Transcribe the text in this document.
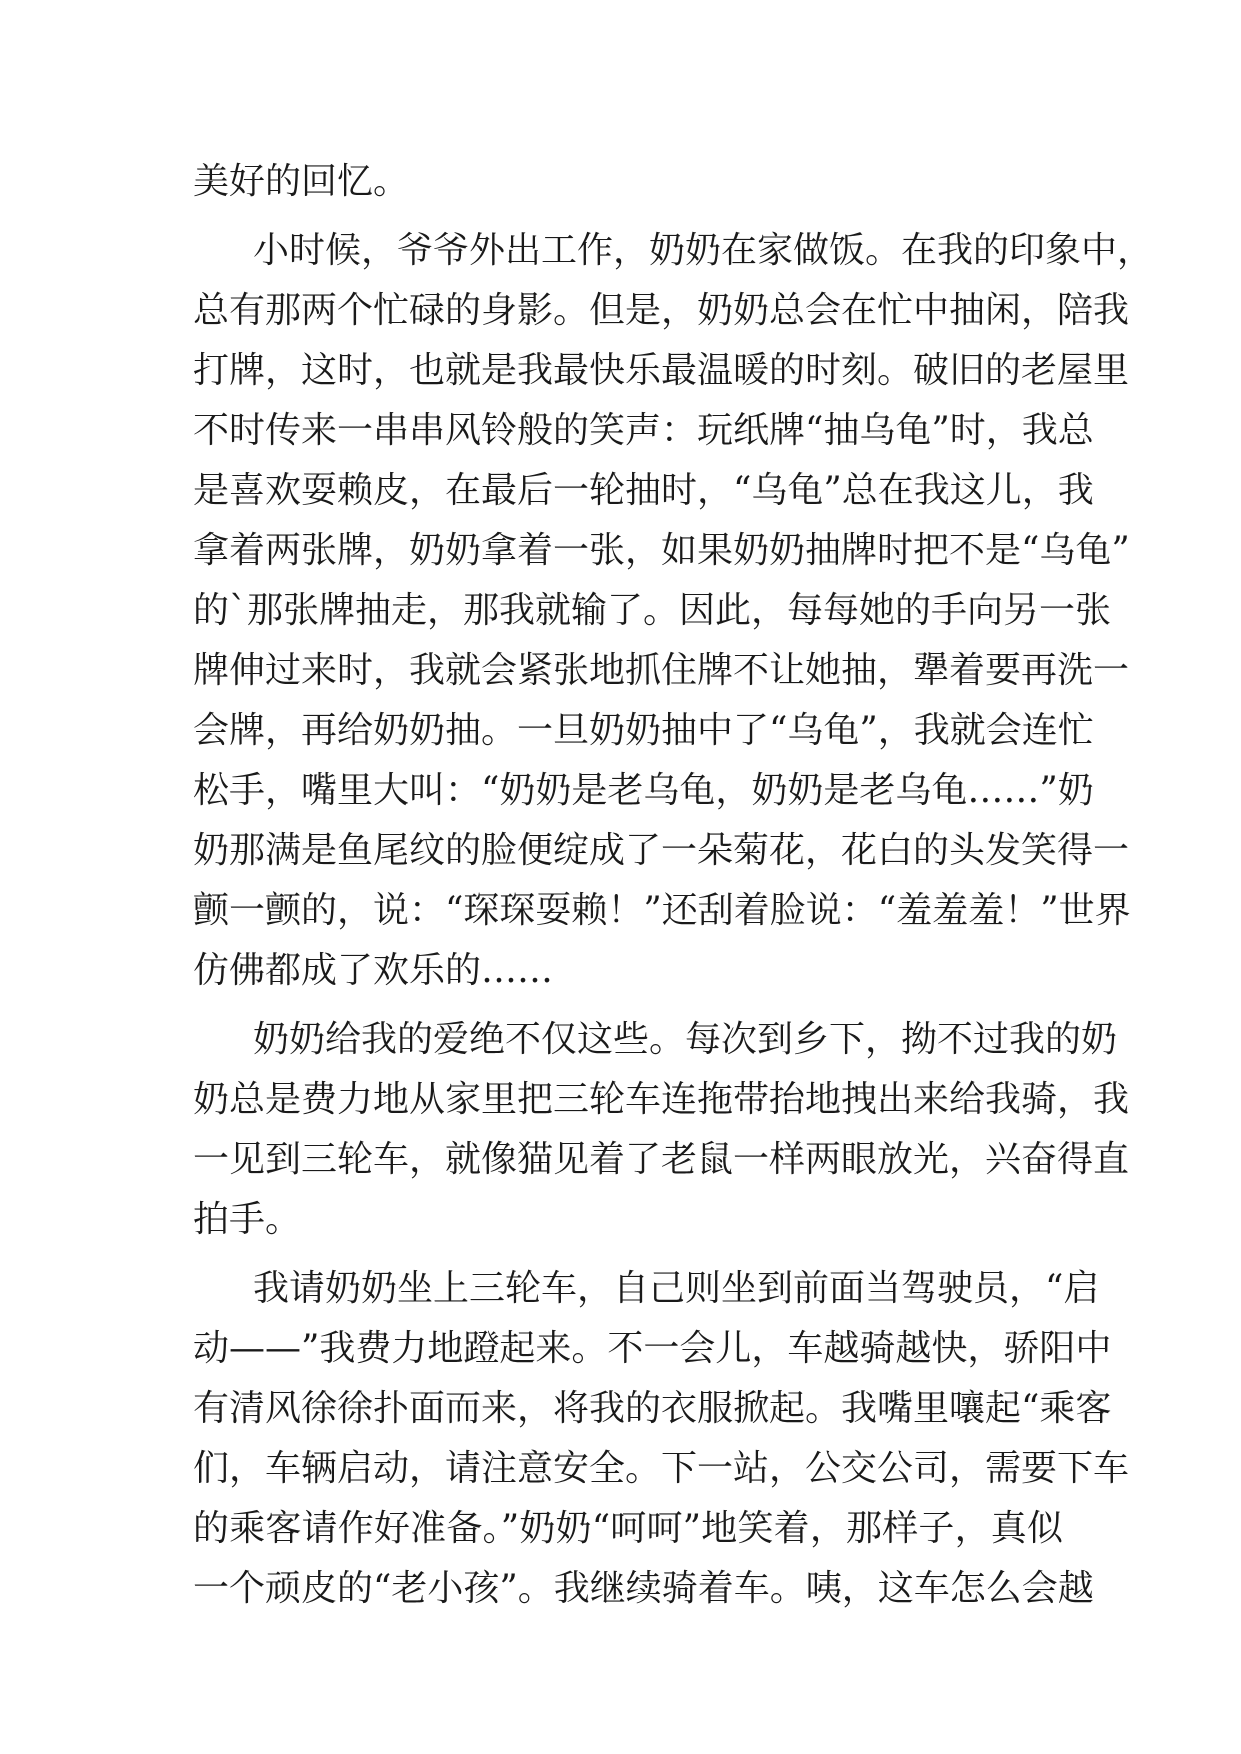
美好的回忆。
小时候，爷爷外出工作，奶奶在家做饭。在我的印象中，
总有那两个忙碌的身影。但是，奶奶总会在忙中抽闲，陪我
打牌，这时，也就是我最快乐最温暖的时刻。破旧的老屋里
不时传来一串串风铃般的笑声：玩纸牌“抽乌龟”时，我总
是喜欢耍赖皮，在最后一轮抽时，“乌龟”总在我这儿，我
拿着两张牌，奶奶拿着一张，如果奶奶抽牌时把不是“乌龟”
的`那张牌抽走，那我就输了。因此，每每她的手向另一张
牌伸过来时，我就会紧张地抓住牌不让她抽，犟着要再洗一
会牌，再给奶奶抽。一旦奶奶抽中了“乌龟”，我就会连忙
松手，嘴里大叫：“奶奶是老乌龟，奶奶是老乌龟……”奶
奶那满是鱼尾纹的脸便绽成了一朵菊花，花白的头发笑得一
颤一颤的，说：“琛琛耍赖！”还刮着脸说：“羞羞羞！”世界
仿佛都成了欢乐的……
奶奶给我的爱绝不仅这些。每次到乡下，拗不过我的奶
奶总是费力地从家里把三轮车连拖带抬地拽出来给我骑，我
一见到三轮车，就像猫见着了老鼠一样两眼放光，兴奋得直
拍手。
我请奶奶坐上三轮车，自己则坐到前面当驾驶员，“启
动——”我费力地蹬起来。不一会儿，车越骑越快，骄阳中
有清风徐徐扑面而来，将我的衣服掀起。我嘴里嚷起“乘客
们，车辆启动，请注意安全。下一站，公交公司，需要下车
的乘客请作好准备。”奶奶“呵呵”地笑着，那样子，真似
一个顽皮的“老小孩”。我继续骑着车。咦，这车怎么会越
